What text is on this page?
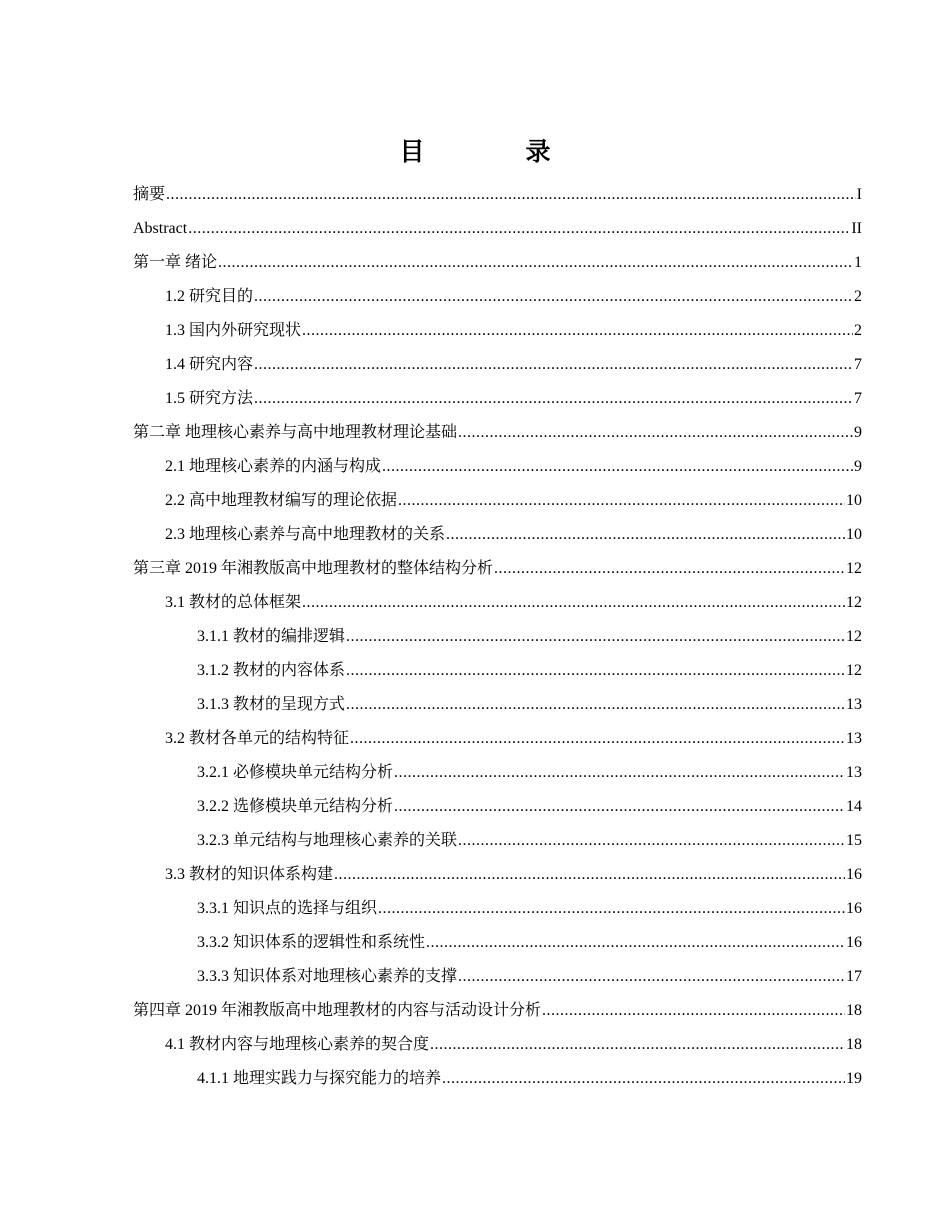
目　录
摘要 .....	I
Abstract .....	II
第一章 绪论 .....	1
1.2 研究目的 .....	2
1.3 国内外研究现状 .....	2
1.4 研究内容 .....	7
1.5 研究方法 .....	7
第二章 地理核心素养与高中地理教材理论基础 .....	9
2.1 地理核心素养的内涵与构成 .....	9
2.2 高中地理教材编写的理论依据 .....	10
2.3 地理核心素养与高中地理教材的关系 .....	10
第三章 2019 年湘教版高中地理教材的整体结构分析 .....	12
3.1 教材的总体框架 .....	12
3.1.1 教材的编排逻辑 .....	12
3.1.2 教材的内容体系 .....	12
3.1.3 教材的呈现方式 .....	13
3.2 教材各单元的结构特征 .....	13
3.2.1 必修模块单元结构分析 .....	13
3.2.2 选修模块单元结构分析 .....	14
3.2.3 单元结构与地理核心素养的关联 .....	15
3.3 教材的知识体系构建 .....	16
3.3.1 知识点的选择与组织 .....	16
3.3.2 知识体系的逻辑性和系统性 .....	16
3.3.3 知识体系对地理核心素养的支撑 .....	17
第四章 2019 年湘教版高中地理教材的内容与活动设计分析 .....	18
4.1 教材内容与地理核心素养的契合度 .....	18
4.1.1 地理实践力与探究能力的培养 .....	19
